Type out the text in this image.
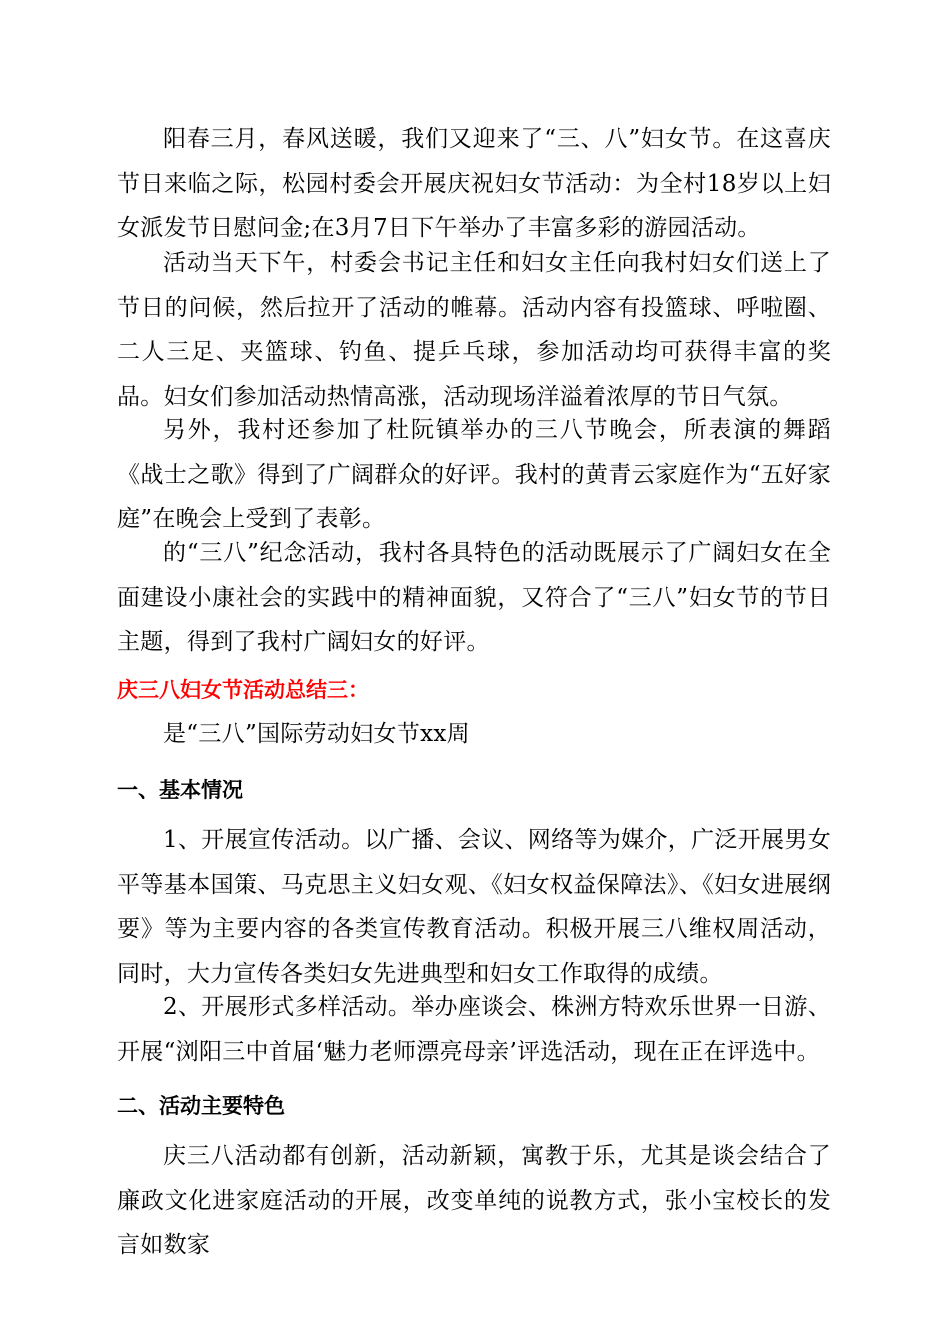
阳春三月，春风送暖，我们又迎来了“三、八”妇女节。在这喜庆节日来临之际，松园村委会开展庆祝妇女节活动：为全村18岁以上妇女派发节日慰问金;在3月7日下午举办了丰富多彩的游园活动。

活动当天下午，村委会书记主任和妇女主任向我村妇女们送上了节日的问候，然后拉开了活动的帷幕。活动内容有投篮球、呼啦圈、二人三足、夹篮球、钓鱼、提乒乓球，参加活动均可获得丰富的奖品。妇女们参加活动热情高涨，活动现场洋溢着浓厚的节日气氛。

另外，我村还参加了杜阮镇举办的三八节晚会，所表演的舞蹈《战士之歌》得到了广阔群众的好评。我村的黄青云家庭作为“五好家庭”在晚会上受到了表彰。

的“三八”纪念活动，我村各具特色的活动既展示了广阔妇女在全面建设小康社会的实践中的精神面貌，又符合了“三八”妇女节的节日主题，得到了我村广阔妇女的好评。

庆三八妇女节活动总结三：

是“三八”国际劳动妇女节xx周

一、基本情况

1、开展宣传活动。以广播、会议、网络等为媒介，广泛开展男女平等基本国策、马克思主义妇女观、《妇女权益保障法》、《妇女进展纲要》等为主要内容的各类宣传教育活动。积极开展三八维权周活动，同时，大力宣传各类妇女先进典型和妇女工作取得的成绩。

2、开展形式多样活动。举办座谈会、株洲方特欢乐世界一日游、开展“浏阳三中首届‘魅力老师漂亮母亲’评选活动，现在正在评选中。

二、活动主要特色

庆三八活动都有创新，活动新颖，寓教于乐，尤其是谈会结合了廉政文化进家庭活动的开展，改变单纯的说教方式，张小宝校长的发言如数家
